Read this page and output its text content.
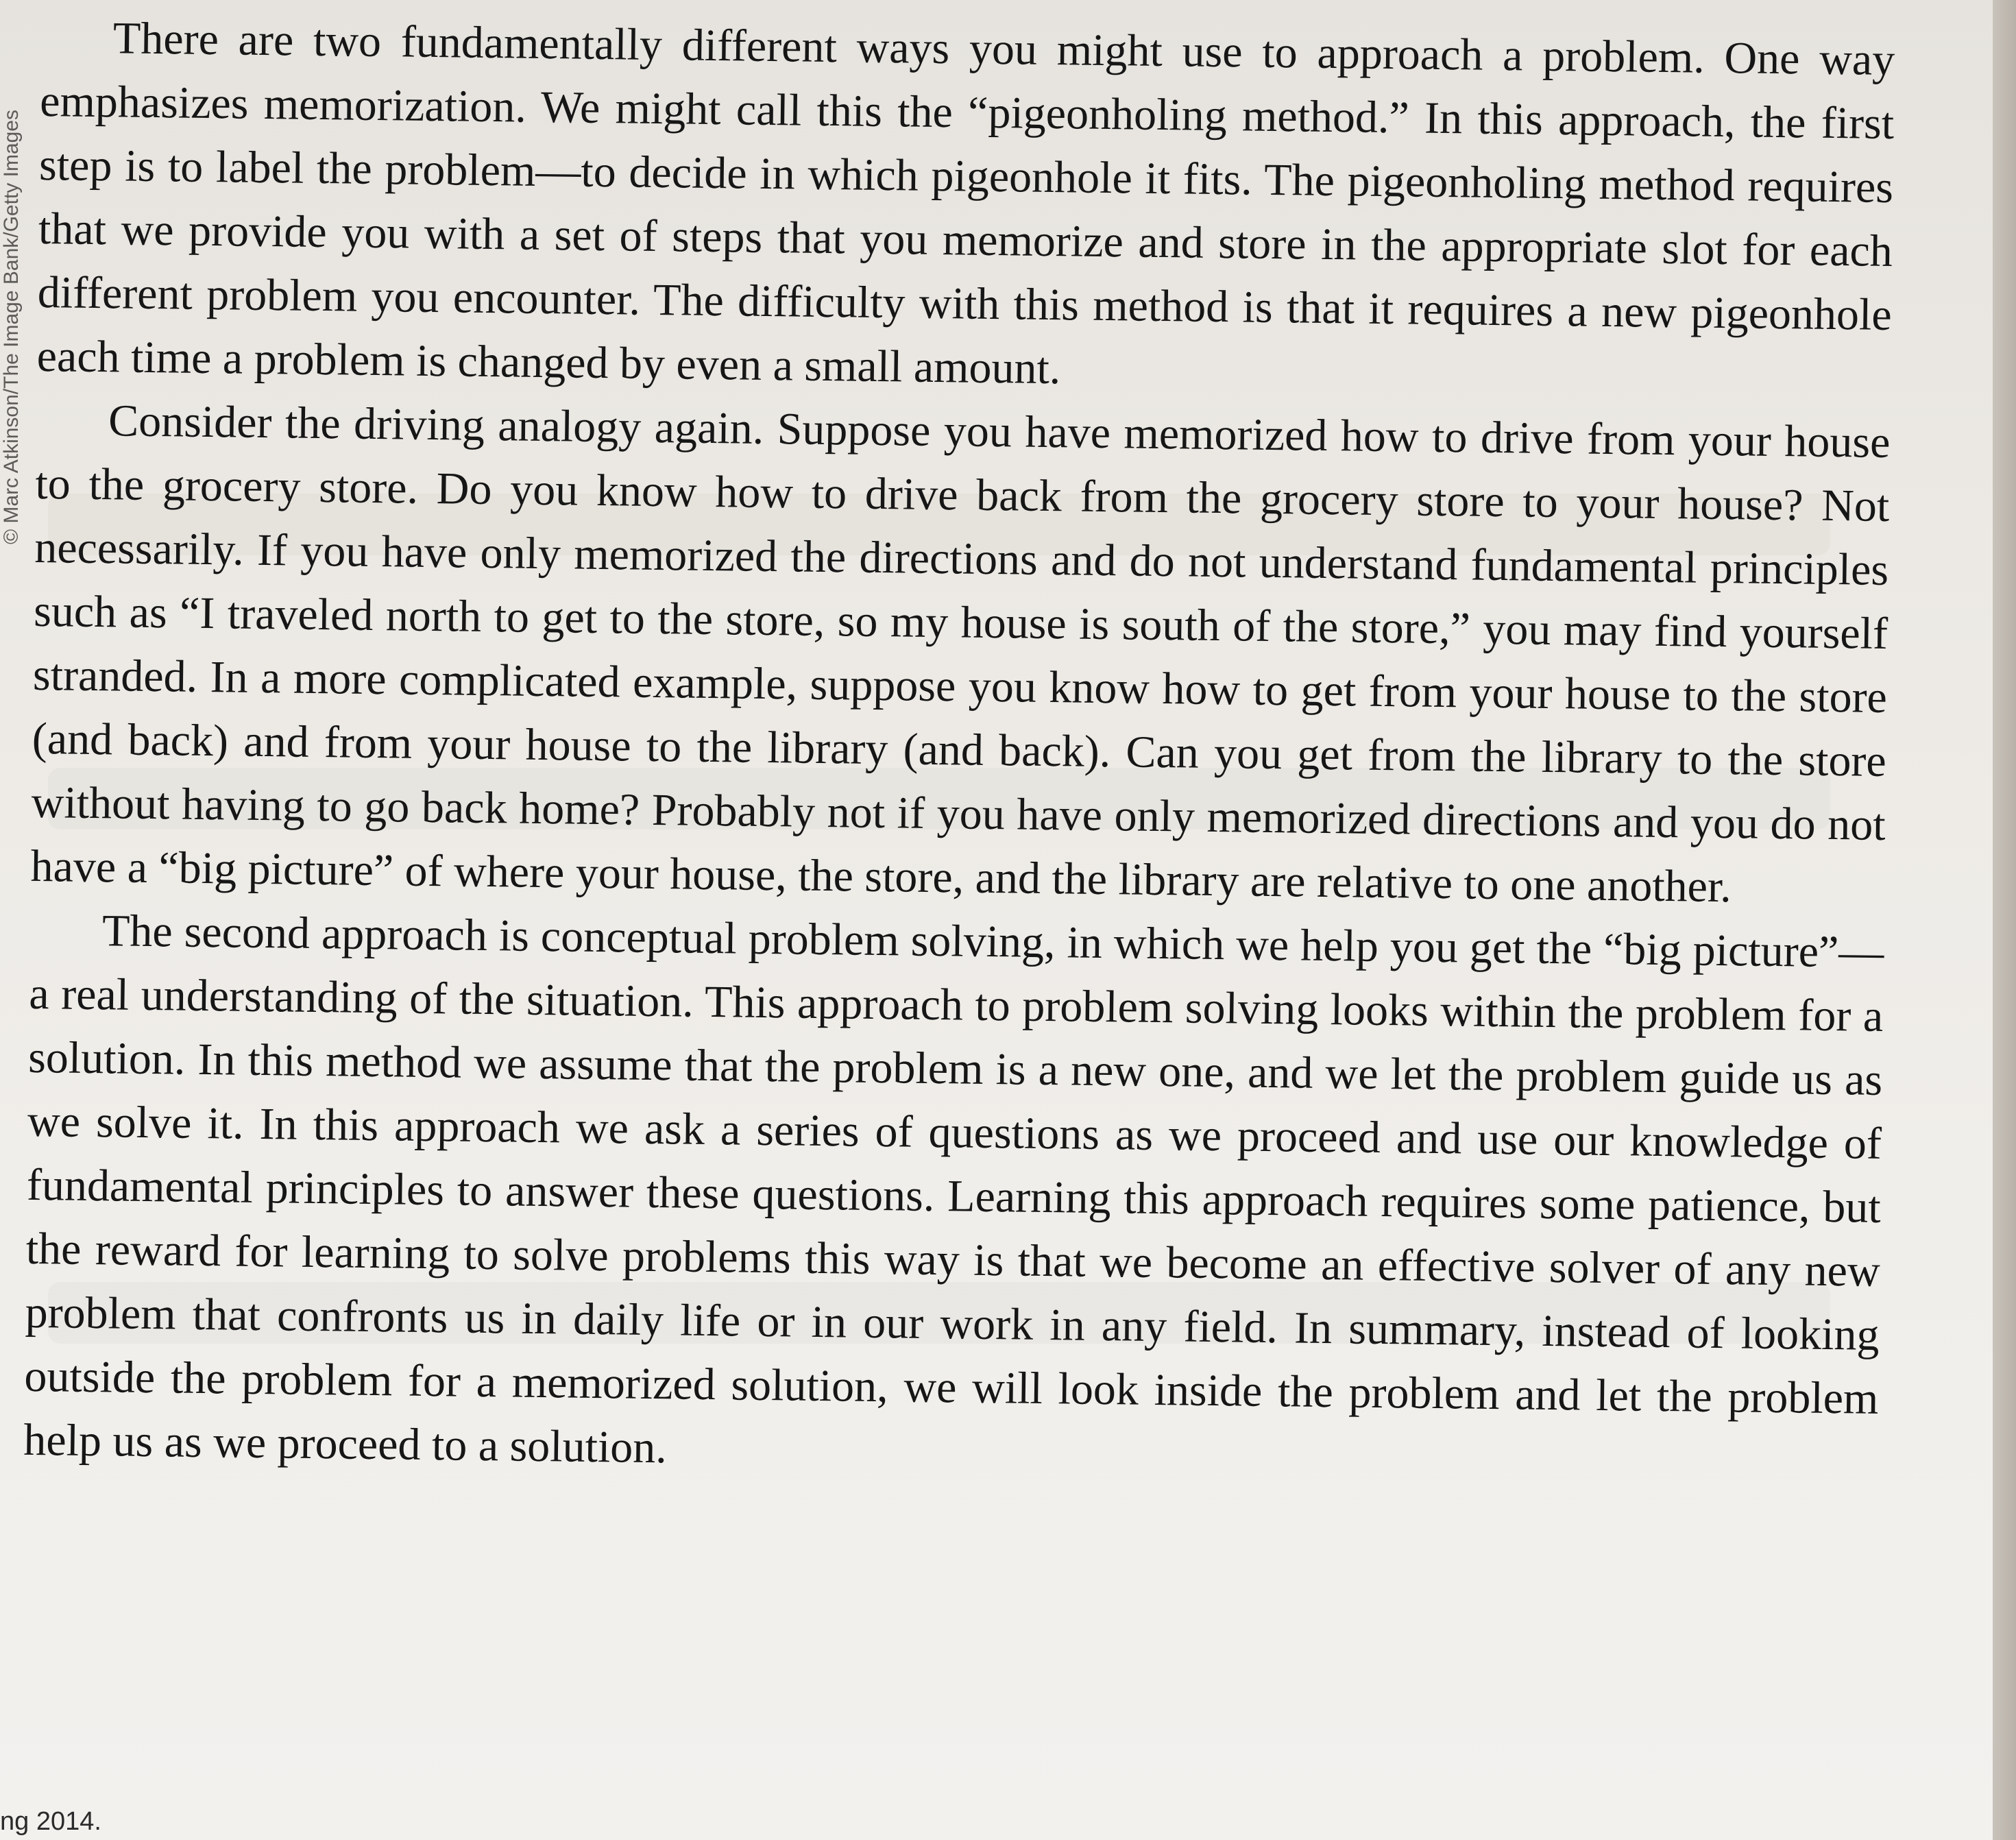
© Marc Atkinson/The Image Bank/Getty Images

There are two fundamentally different ways you might use to approach a problem. One way emphasizes memorization. We might call this the “pigeonholing method.” In this approach, the first step is to label the problem—to decide in which pigeonhole it fits. The pigeonholing method requires that we provide you with a set of steps that you memorize and store in the appropriate slot for each different problem you encounter. The difficulty with this method is that it requires a new pigeonhole each time a problem is changed by even a small amount.

Consider the driving analogy again. Suppose you have memorized how to drive from your house to the grocery store. Do you know how to drive back from the grocery store to your house? Not necessarily. If you have only memorized the directions and do not understand fundamental principles such as “I traveled north to get to the store, so my house is south of the store,” you may find yourself stranded. In a more complicated example, suppose you know how to get from your house to the store (and back) and from your house to the library (and back). Can you get from the library to the store without having to go back home? Probably not if you have only memorized directions and you do not have a “big picture” of where your house, the store, and the library are relative to one another.

The second approach is conceptual problem solving, in which we help you get the “big picture”—a real understanding of the situation. This approach to problem solving looks within the problem for a solution. In this method we assume that the problem is a new one, and we let the problem guide us as we solve it. In this approach we ask a series of questions as we proceed and use our knowledge of fundamental principles to answer these questions. Learning this approach requires some patience, but the reward for learning to solve problems this way is that we become an effective solver of any new problem that confronts us in daily life or in our work in any field. In summary, instead of looking outside the problem for a memorized solution, we will look inside the problem and let the problem help us as we proceed to a solution.

ng 2014.
